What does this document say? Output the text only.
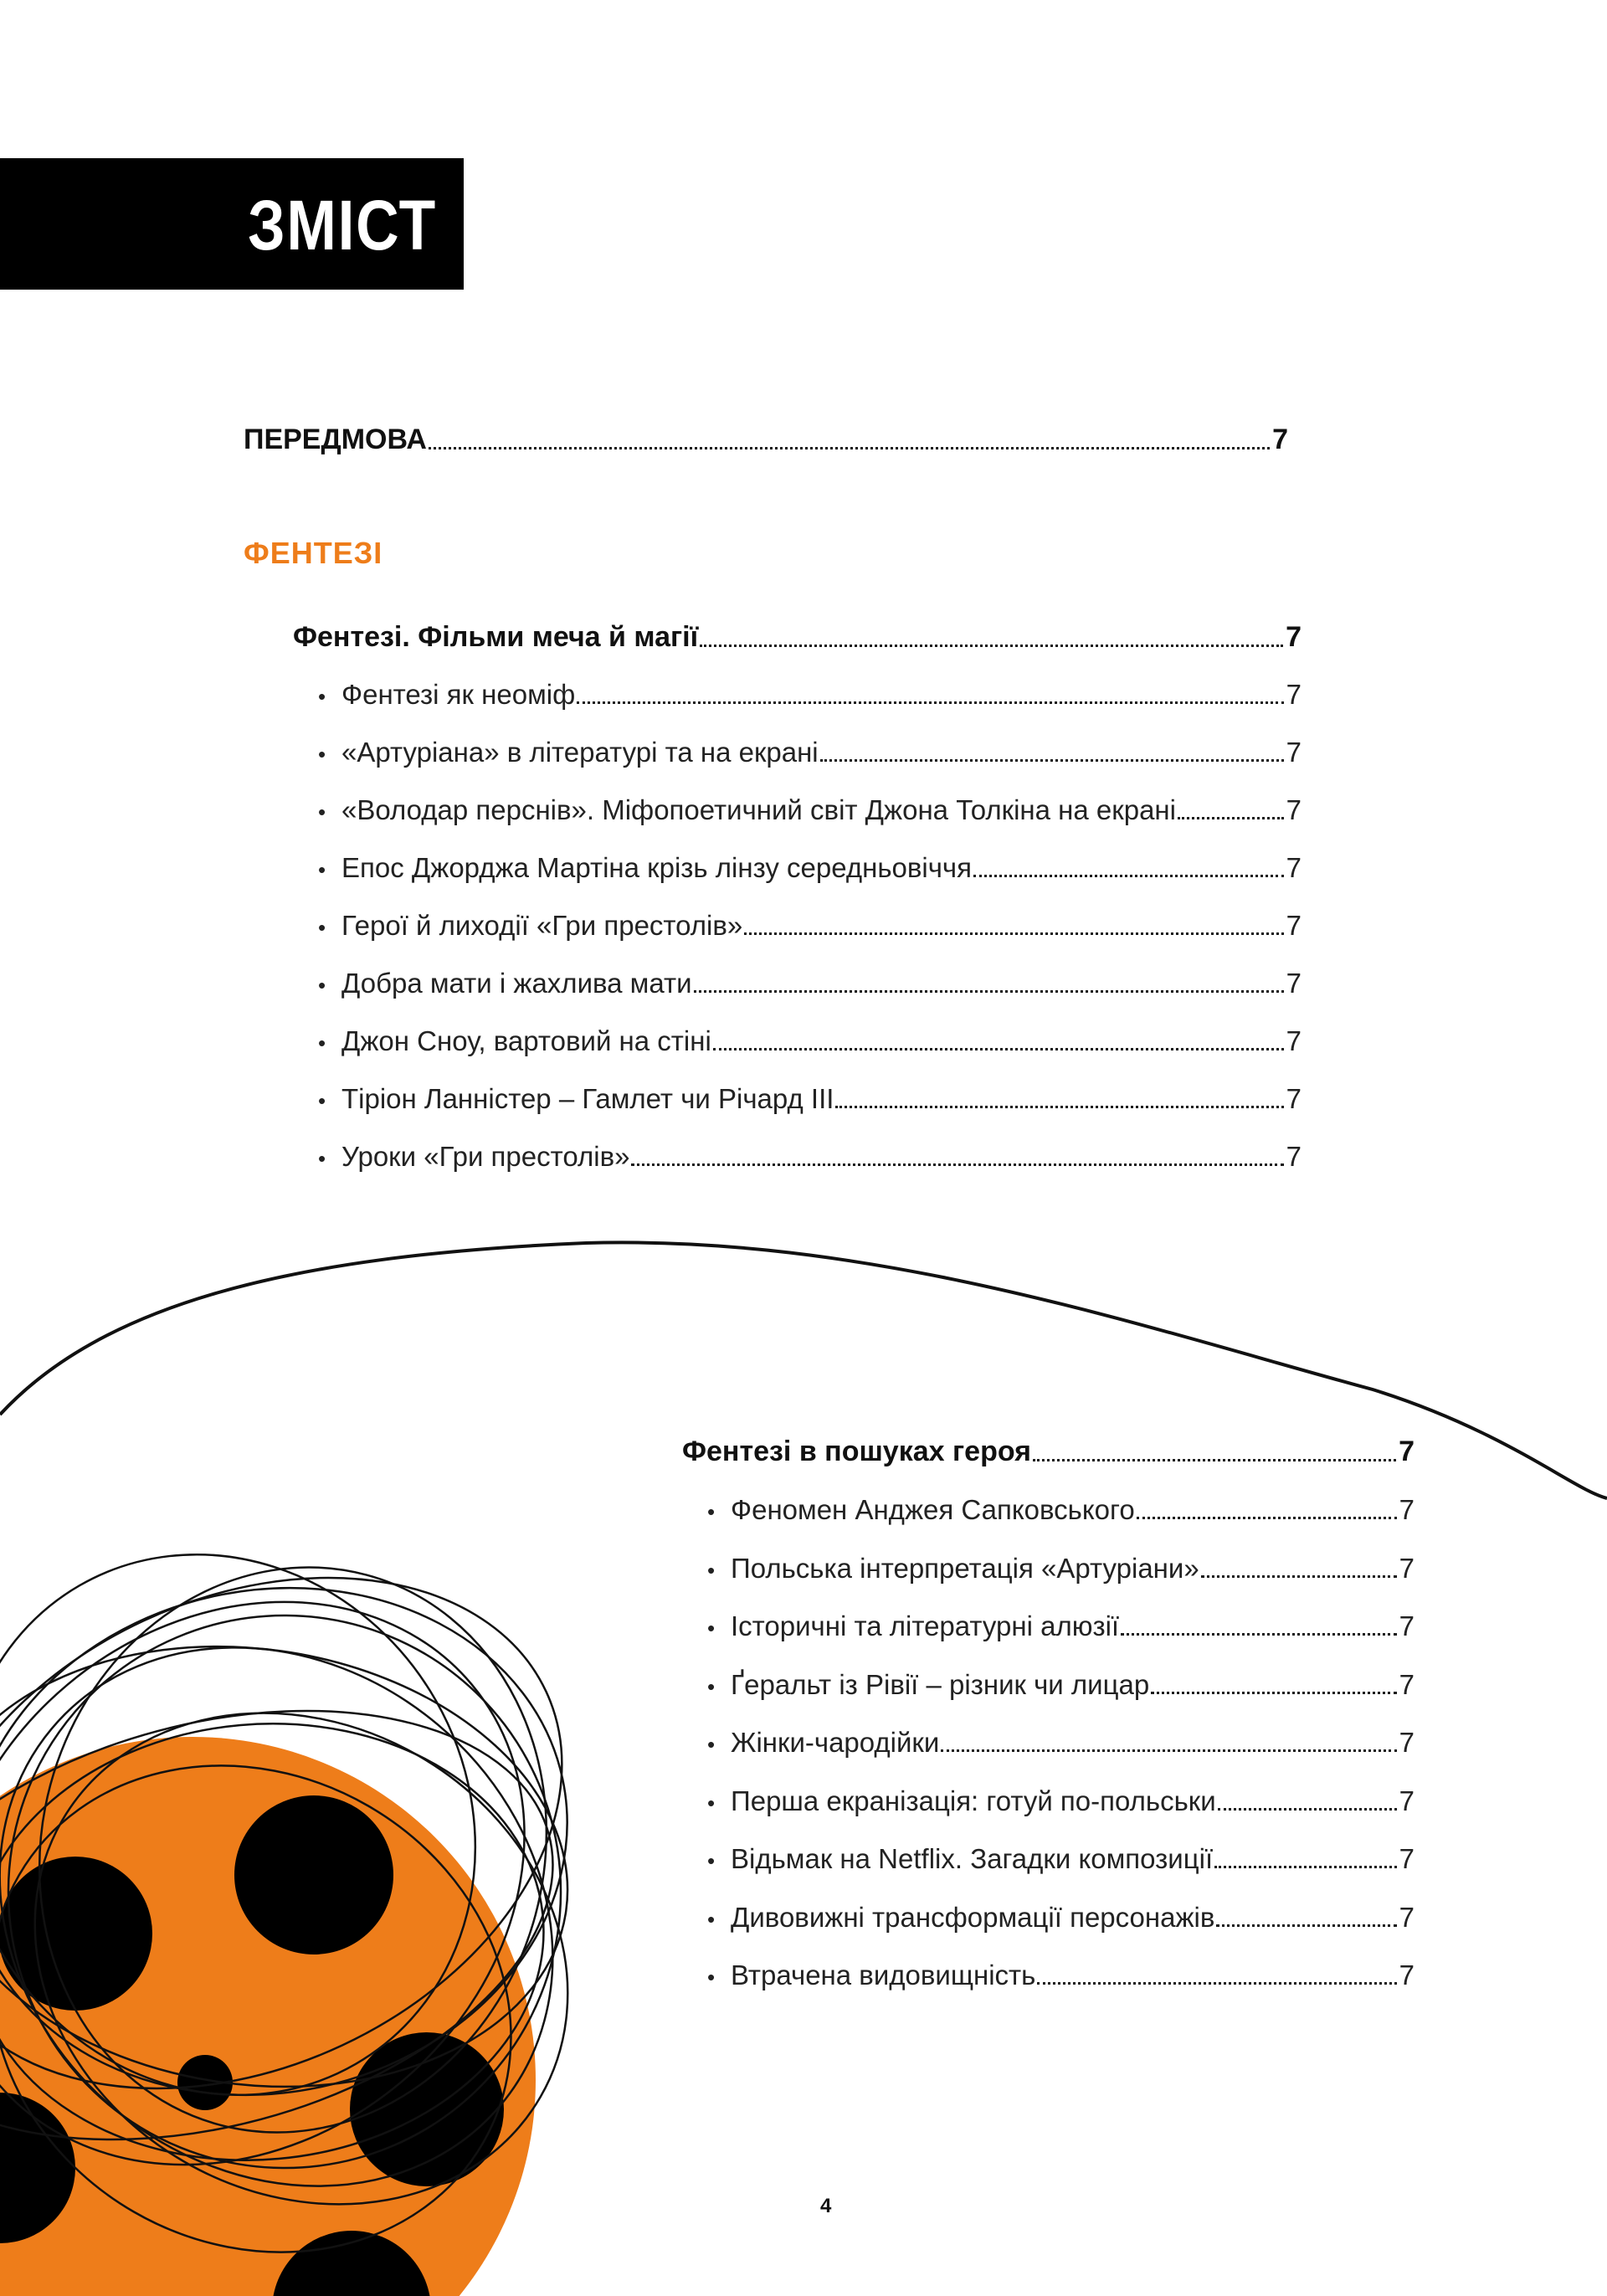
ЗМІСТ
ПЕРЕДМОВА	7
ФЕНТЕЗІ
Фентезі. Фільми меча й магії	7
• Фентезі як неоміф	7
• «Артуріана» в літературі та на екрані	7
• «Володар перснів». Міфопоетичний світ Джона Толкіна на екрані	7
• Епос Джорджа Мартіна крізь лінзу середньовіччя	7
• Герої й лиходії «Гри престолів»	7
• Добра мати і жахлива мати	7
• Джон Сноу, вартовий на стіні	7
• Тіріон Ланністер – Гамлет чи Річард ІІІ	7
• Уроки «Гри престолів»	7
Фентезі в пошуках героя	7
• Феномен Анджея Сапковського	7
• Польська інтерпретація «Артуріани»	7
• Історичні та літературні алюзії	7
• Ґеральт із Рівії – різник чи лицар	7
• Жінки-чародійки	7
• Перша екранізація: готуй по-польськи	7
• Відьмак на Netflix. Загадки композиції	7
• Дивовижні трансформації персонажів	7
• Втрачена видовищність	7
4
